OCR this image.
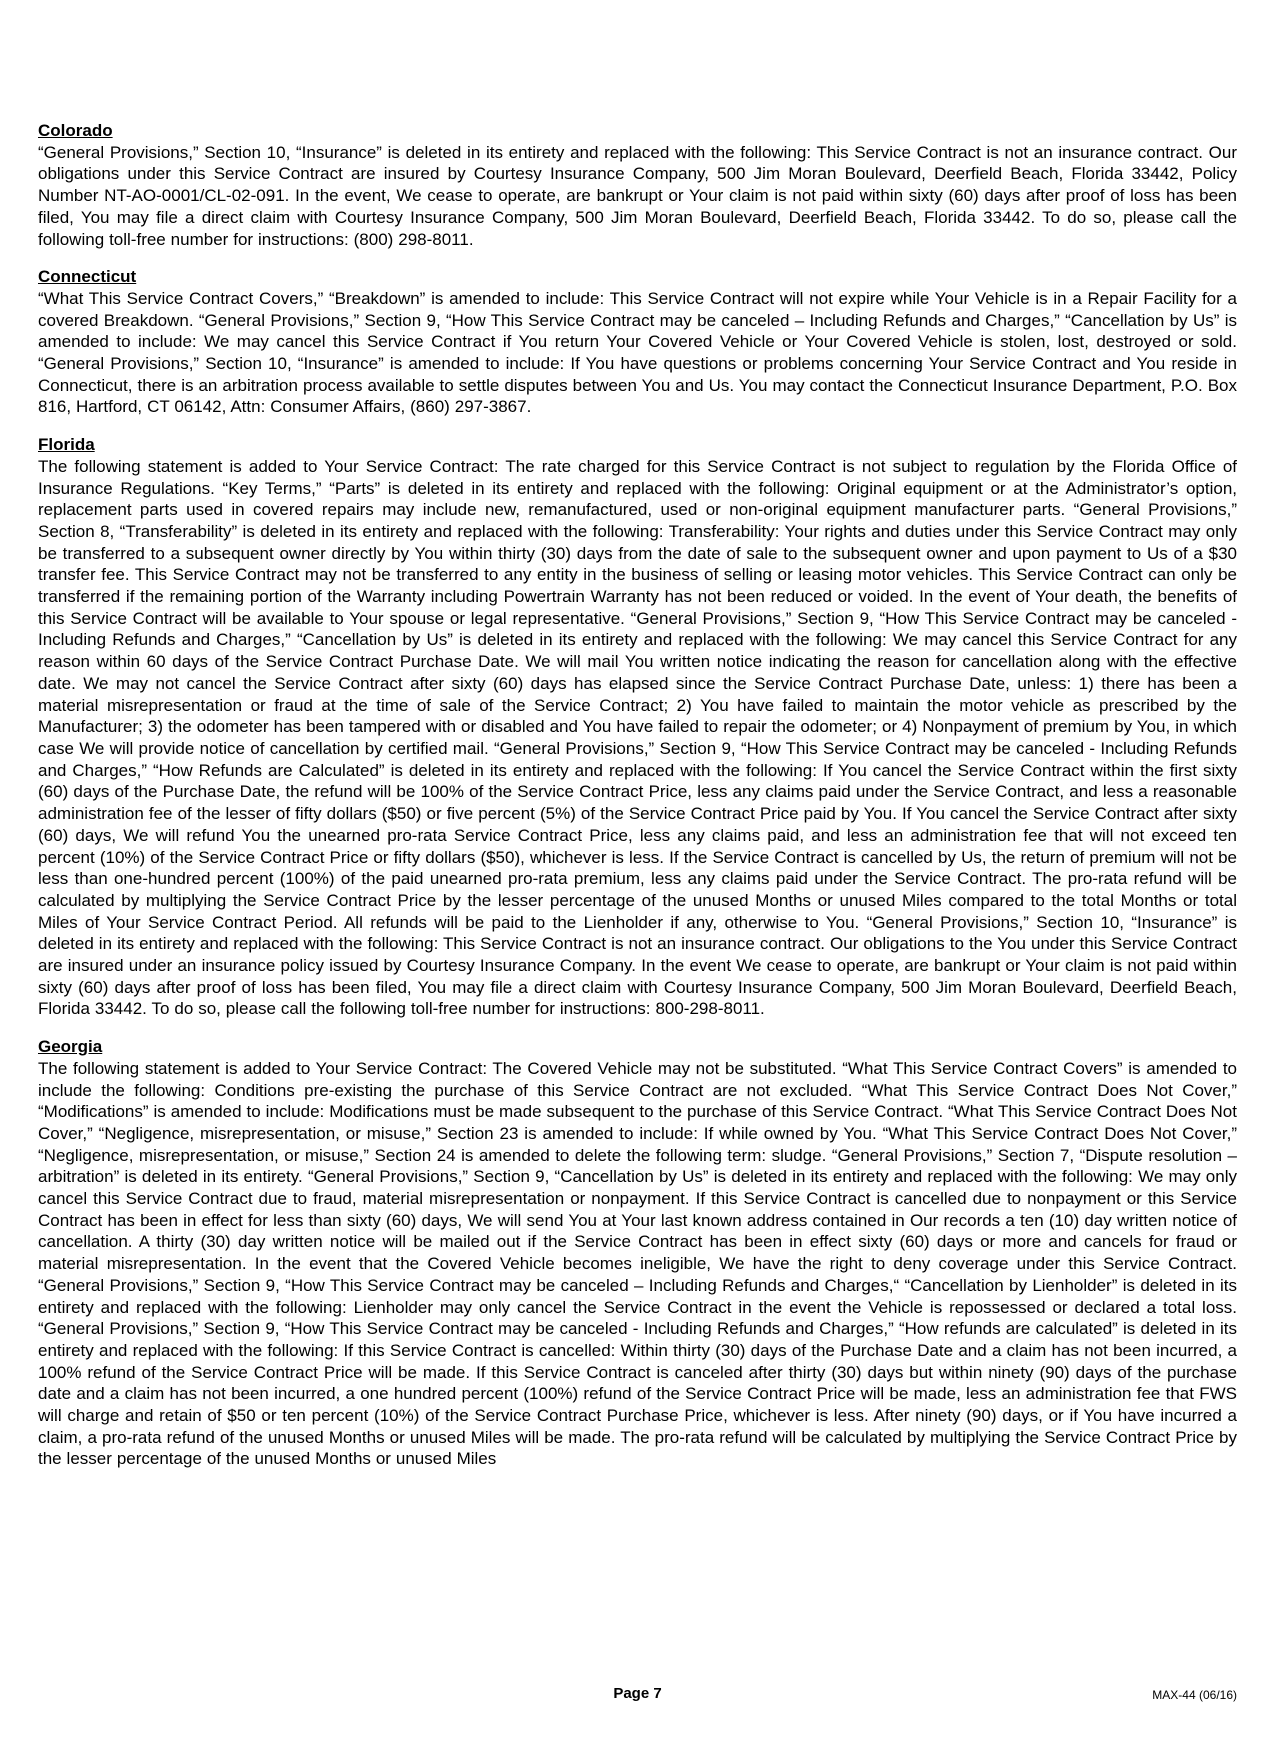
Colorado

“General Provisions,” Section 10, “Insurance” is deleted in its entirety and replaced with the following: This Service Contract is not an insurance contract. Our obligations under this Service Contract are insured by Courtesy Insurance Company, 500 Jim Moran Boulevard, Deerfield Beach, Florida 33442, Policy Number NT-AO-0001/CL-02-091. In the event, We cease to operate, are bankrupt or Your claim is not paid within sixty (60) days after proof of loss has been filed, You may file a direct claim with Courtesy Insurance Company, 500 Jim Moran Boulevard, Deerfield Beach, Florida 33442. To do so, please call the following toll-free number for instructions: (800) 298-8011.

Connecticut

“What This Service Contract Covers,” “Breakdown” is amended to include: This Service Contract will not expire while Your Vehicle is in a Repair Facility for a covered Breakdown. “General Provisions,” Section 9, “How This Service Contract may be canceled – Including Refunds and Charges,” “Cancellation by Us” is amended to include: We may cancel this Service Contract if You return Your Covered Vehicle or Your Covered Vehicle is stolen, lost, destroyed or sold. “General Provisions,” Section 10, “Insurance” is amended to include: If You have questions or problems concerning Your Service Contract and You reside in Connecticut, there is an arbitration process available to settle disputes between You and Us. You may contact the Connecticut Insurance Department, P.O. Box 816, Hartford, CT 06142, Attn: Consumer Affairs, (860) 297-3867.

Florida

The following statement is added to Your Service Contract: The rate charged for this Service Contract is not subject to regulation by the Florida Office of Insurance Regulations. “Key Terms,” “Parts” is deleted in its entirety and replaced with the following: Original equipment or at the Administrator’s option, replacement parts used in covered repairs may include new, remanufactured, used or non-original equipment manufacturer parts. “General Provisions,” Section 8, “Transferability” is deleted in its entirety and replaced with the following: Transferability: Your rights and duties under this Service Contract may only be transferred to a subsequent owner directly by You within thirty (30) days from the date of sale to the subsequent owner and upon payment to Us of a $30 transfer fee. This Service Contract may not be transferred to any entity in the business of selling or leasing motor vehicles. This Service Contract can only be transferred if the remaining portion of the Warranty including Powertrain Warranty has not been reduced or voided. In the event of Your death, the benefits of this Service Contract will be available to Your spouse or legal representative. “General Provisions,” Section 9, “How This Service Contract may be canceled - Including Refunds and Charges,” “Cancellation by Us” is deleted in its entirety and replaced with the following: We may cancel this Service Contract for any reason within 60 days of the Service Contract Purchase Date. We will mail You written notice indicating the reason for cancellation along with the effective date. We may not cancel the Service Contract after sixty (60) days has elapsed since the Service Contract Purchase Date, unless: 1) there has been a material misrepresentation or fraud at the time of sale of the Service Contract; 2) You have failed to maintain the motor vehicle as prescribed by the Manufacturer; 3) the odometer has been tampered with or disabled and You have failed to repair the odometer; or 4) Nonpayment of premium by You, in which case We will provide notice of cancellation by certified mail. “General Provisions,” Section 9, “How This Service Contract may be canceled - Including Refunds and Charges,” “How Refunds are Calculated” is deleted in its entirety and replaced with the following: If You cancel the Service Contract within the first sixty (60) days of the Purchase Date, the refund will be 100% of the Service Contract Price, less any claims paid under the Service Contract, and less a reasonable administration fee of the lesser of fifty dollars ($50) or five percent (5%) of the Service Contract Price paid by You. If You cancel the Service Contract after sixty (60) days, We will refund You the unearned pro-rata Service Contract Price, less any claims paid, and less an administration fee that will not exceed ten percent (10%) of the Service Contract Price or fifty dollars ($50), whichever is less. If the Service Contract is cancelled by Us, the return of premium will not be less than one-hundred percent (100%) of the paid unearned pro-rata premium, less any claims paid under the Service Contract. The pro-rata refund will be calculated by multiplying the Service Contract Price by the lesser percentage of the unused Months or unused Miles compared to the total Months or total Miles of Your Service Contract Period. All refunds will be paid to the Lienholder if any, otherwise to You. “General Provisions,” Section 10, “Insurance” is deleted in its entirety and replaced with the following: This Service Contract is not an insurance contract. Our obligations to the You under this Service Contract are insured under an insurance policy issued by Courtesy Insurance Company. In the event We cease to operate, are bankrupt or Your claim is not paid within sixty (60) days after proof of loss has been filed, You may file a direct claim with Courtesy Insurance Company, 500 Jim Moran Boulevard, Deerfield Beach, Florida 33442. To do so, please call the following toll-free number for instructions: 800-298-8011.

Georgia

The following statement is added to Your Service Contract: The Covered Vehicle may not be substituted. “What This Service Contract Covers” is amended to include the following: Conditions pre-existing the purchase of this Service Contract are not excluded. “What This Service Contract Does Not Cover,” “Modifications” is amended to include: Modifications must be made subsequent to the purchase of this Service Contract. “What This Service Contract Does Not Cover,” “Negligence, misrepresentation, or misuse,” Section 23 is amended to include: If while owned by You. “What This Service Contract Does Not Cover,” “Negligence, misrepresentation, or misuse,” Section 24 is amended to delete the following term: sludge. “General Provisions,” Section 7, “Dispute resolution – arbitration” is deleted in its entirety. “General Provisions,” Section 9, “Cancellation by Us” is deleted in its entirety and replaced with the following: We may only cancel this Service Contract due to fraud, material misrepresentation or nonpayment. If this Service Contract is cancelled due to nonpayment or this Service Contract has been in effect for less than sixty (60) days, We will send You at Your last known address contained in Our records a ten (10) day written notice of cancellation. A thirty (30) day written notice will be mailed out if the Service Contract has been in effect sixty (60) days or more and cancels for fraud or material misrepresentation. In the event that the Covered Vehicle becomes ineligible, We have the right to deny coverage under this Service Contract. “General Provisions,” Section 9, “How This Service Contract may be canceled – Including Refunds and Charges,“ “Cancellation by Lienholder” is deleted in its entirety and replaced with the following: Lienholder may only cancel the Service Contract in the event the Vehicle is repossessed or declared a total loss. “General Provisions,” Section 9, “How This Service Contract may be canceled - Including Refunds and Charges,” “How refunds are calculated” is deleted in its entirety and replaced with the following: If this Service Contract is cancelled: Within thirty (30) days of the Purchase Date and a claim has not been incurred, a 100% refund of the Service Contract Price will be made. If this Service Contract is canceled after thirty (30) days but within ninety (90) days of the purchase date and a claim has not been incurred, a one hundred percent (100%) refund of the Service Contract Price will be made, less an administration fee that FWS will charge and retain of $50 or ten percent (10%) of the Service Contract Purchase Price, whichever is less. After ninety (90) days, or if You have incurred a claim, a pro-rata refund of the unused Months or unused Miles will be made. The pro-rata refund will be calculated by multiplying the Service Contract Price by the lesser percentage of the unused Months or unused Miles

Page 7	MAX-44 (06/16)
